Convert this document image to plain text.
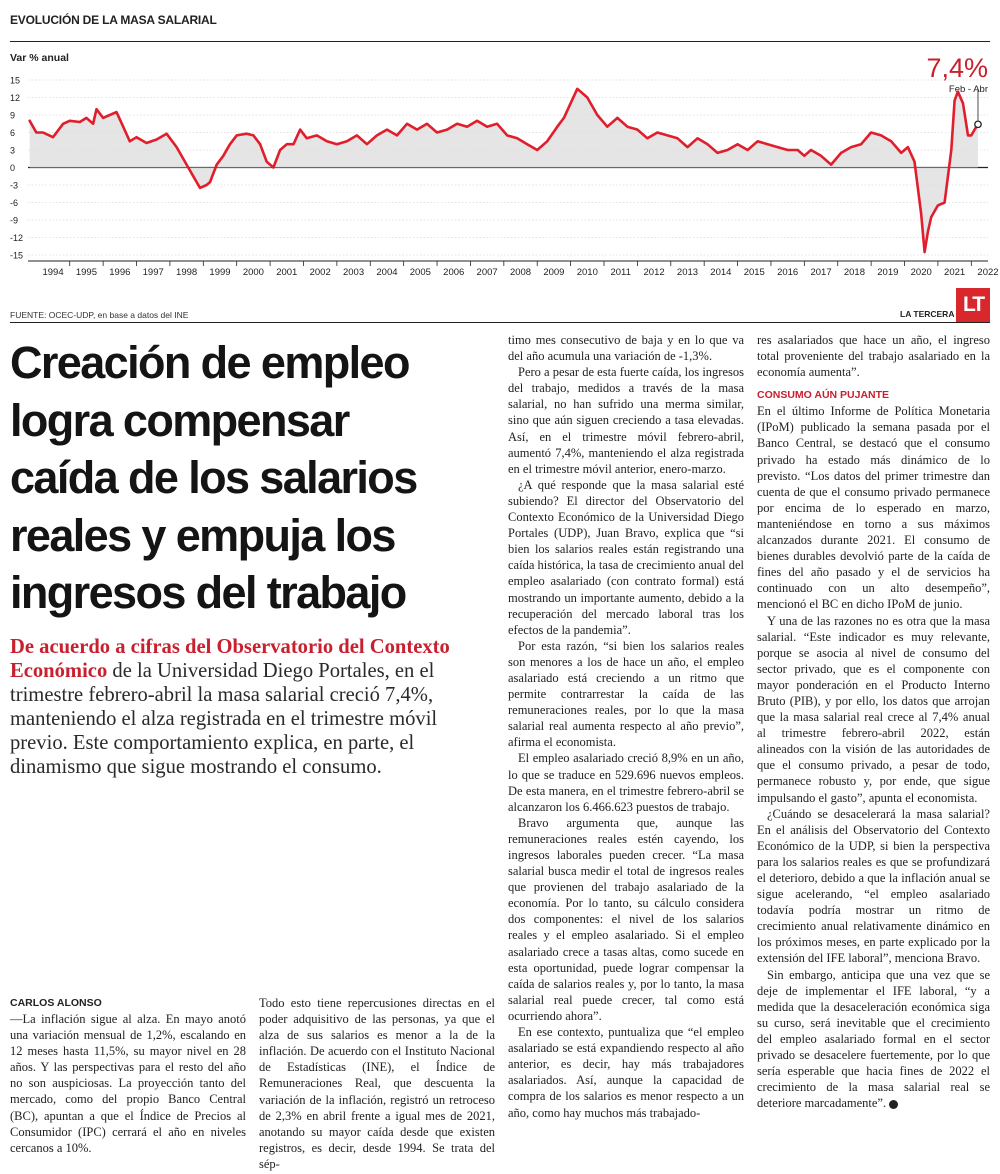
EVOLUCIÓN DE LA MASA SALARIAL
Var % anual	7,4%
Feb - Abr
15
12
9
6
3
0
-3
-6
-9
-12
-15
1994 1995 1996 1997 1998 1999 2000 2001 2002 2003 2004 2005 2006 2007 2008 2009 2010 2011 2012 2013 2014 2015 2016 2017 2018 2019 2020 2021 2022
FUENTE: OCEC-UDP, en base a datos del INE	LA TERCERA LT
Creación de empleo
logra compensar
caída de los salarios
reales y empuja los
ingresos del trabajo
De acuerdo a cifras del Observatorio del Contexto
Económico de la Universidad Diego Portales, en el
trimestre febrero-abril la masa salarial creció 7,4%,
manteniendo el alza registrada en el trimestre móvil
previo. Este comportamiento explica, en parte, el
dinamismo que sigue mostrando el consumo.
CARLOS ALONSO

—La inflación sigue al alza. En mayo anotó una variación mensual de 1,2%, escalando en 12 meses hasta 11,5%, su mayor nivel en 28 años. Y las perspectivas para el resto del año no son auspiciosas. La proyección tanto del mercado, como del propio Banco Central (BC), apuntan a que el Índice de Precios al Consumidor (IPC) cerrará el año en niveles cercanos a 10%.

Todo esto tiene repercusiones directas en el poder adquisitivo de las personas, ya que el alza de sus salarios es menor a la de la inflación. De acuerdo con el Instituto Nacional de Estadísticas (INE), el Índice de Remuneraciones Real, que descuenta la variación de la inflación, registró un retroceso de 2,3% en abril frente a igual mes de 2021, anotando su mayor caída desde que existen registros, es decir, desde 1994. Se trata del sép-

timo mes consecutivo de baja y en lo que va del año acumula una variación de -1,3%.

Pero a pesar de esta fuerte caída, los ingresos del trabajo, medidos a través de la masa salarial, no han sufrido una merma similar, sino que aún siguen creciendo a tasa elevadas. Así, en el trimestre móvil febrero-abril, aumentó 7,4%, manteniendo el alza registrada en el trimestre móvil anterior, enero-marzo.

¿A qué responde que la masa salarial esté subiendo? El director del Observatorio del Contexto Económico de la Universidad Diego Portales (UDP), Juan Bravo, explica que “si bien los salarios reales están registrando una caída histórica, la tasa de crecimiento anual del empleo asalariado (con contrato formal) está mostrando un importante aumento, debido a la recuperación del mercado laboral tras los efectos de la pandemia”.

Por esta razón, “si bien los salarios reales son menores a los de hace un año, el empleo asalariado está creciendo a un ritmo que permite contrarrestar la caída de las remuneraciones reales, por lo que la masa salarial real aumenta respecto al año previo”, afirma el economista.

El empleo asalariado creció 8,9% en un año, lo que se traduce en 529.696 nuevos empleos. De esta manera, en el trimestre febrero-abril se alcanzaron los 6.466.623 puestos de trabajo.

Bravo argumenta que, aunque las remuneraciones reales estén cayendo, los ingresos laborales pueden crecer. “La masa salarial busca medir el total de ingresos reales que provienen del trabajo asalariado de la economía. Por lo tanto, su cálculo considera dos componentes: el nivel de los salarios reales y el empleo asalariado. Si el empleo asalariado crece a tasas altas, como sucede en esta oportunidad, puede lograr compensar la caída de salarios reales y, por lo tanto, la masa salarial real puede crecer, tal como está ocurriendo ahora”.

En ese contexto, puntualiza que “el empleo asalariado se está expandiendo respecto al año anterior, es decir, hay más trabajadores asalariados. Así, aunque la capacidad de compra de los salarios es menor respecto a un año, como hay muchos más trabajado-

res asalariados que hace un año, el ingreso total proveniente del trabajo asalariado en la economía aumenta”.

CONSUMO AÚN PUJANTE

En el último Informe de Política Monetaria (IPoM) publicado la semana pasada por el Banco Central, se destacó que el consumo privado ha estado más dinámico de lo previsto. “Los datos del primer trimestre dan cuenta de que el consumo privado permanece por encima de lo esperado en marzo, manteniéndose en torno a sus máximos alcanzados durante 2021. El consumo de bienes durables devolvió parte de la caída de fines del año pasado y el de servicios ha continuado con un alto desempeño”, mencionó el BC en dicho IPoM de junio.

Y una de las razones no es otra que la masa salarial. “Este indicador es muy relevante, porque se asocia al nivel de consumo del sector privado, que es el componente con mayor ponderación en el Producto Interno Bruto (PIB), y por ello, los datos que arrojan que la masa salarial real crece al 7,4% anual al trimestre febrero-abril 2022, están alineados con la visión de las autoridades de que el consumo privado, a pesar de todo, permanece robusto y, por ende, que sigue impulsando el gasto”, apunta el economista.

¿Cuándo se desacelerará la masa salarial? En el análisis del Observatorio del Contexto Económico de la UDP, si bien la perspectiva para los salarios reales es que se profundizará el deterioro, debido a que la inflación anual se sigue acelerando, “el empleo asalariado todavía podría mostrar un ritmo de crecimiento anual relativamente dinámico en los próximos meses, en parte explicado por la extensión del IFE laboral”, menciona Bravo.

Sin embargo, anticipa que una vez que se deje de implementar el IFE laboral, “y a medida que la desaceleración económica siga su curso, será inevitable que el crecimiento del empleo asalariado formal en el sector privado se desacelere fuertemente, por lo que sería esperable que hacia fines de 2022 el crecimiento de la masa salarial real se deteriore marcadamente”.
